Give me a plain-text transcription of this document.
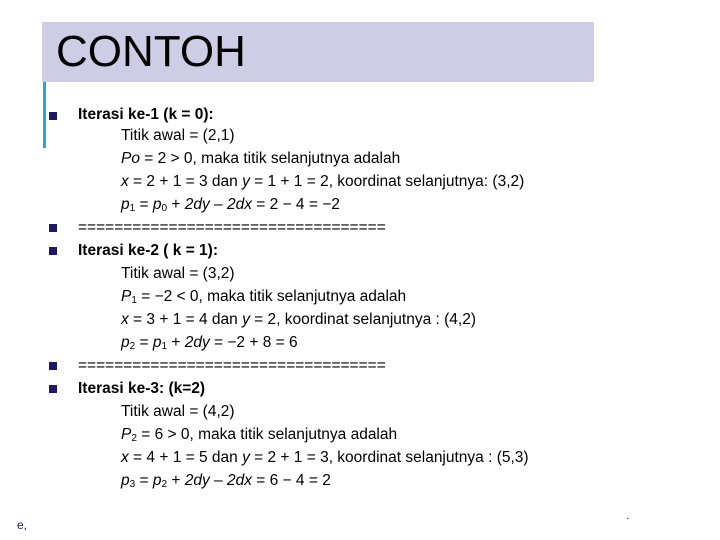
CONTOH
Iterasi ke-1 (k = 0):
Titik awal = (2,1)
Po = 2 > 0, maka titik selanjutnya adalah
x = 2 + 1 = 3 dan y = 1 + 1 = 2, koordinat selanjutnya: (3,2)
$p_1 = p_0 + 2dy - 2dx = 2 - 4 = -2$
==================================
Iterasi ke-2 ( k = 1):
Titik awal = (3,2)
$P_1 = -2 < 0$, maka titik selanjutnya adalah
x = 3 + 1 = 4 dan y = 2, koordinat selanjutnya : (4,2)
$p_2 = p_1 + 2dy = -2 + 8 = 6$
==================================
Iterasi ke-3: (k=2)
Titik awal = (4,2)
$P_2 = 6 > 0$, maka titik selanjutnya adalah
x = 4 + 1 = 5 dan y = 2 + 1 = 3, koordinat selanjutnya : (5,3)
$p_3 = p_2 + 2dy - 2dx = 6 - 4 = 2$
e,	·
